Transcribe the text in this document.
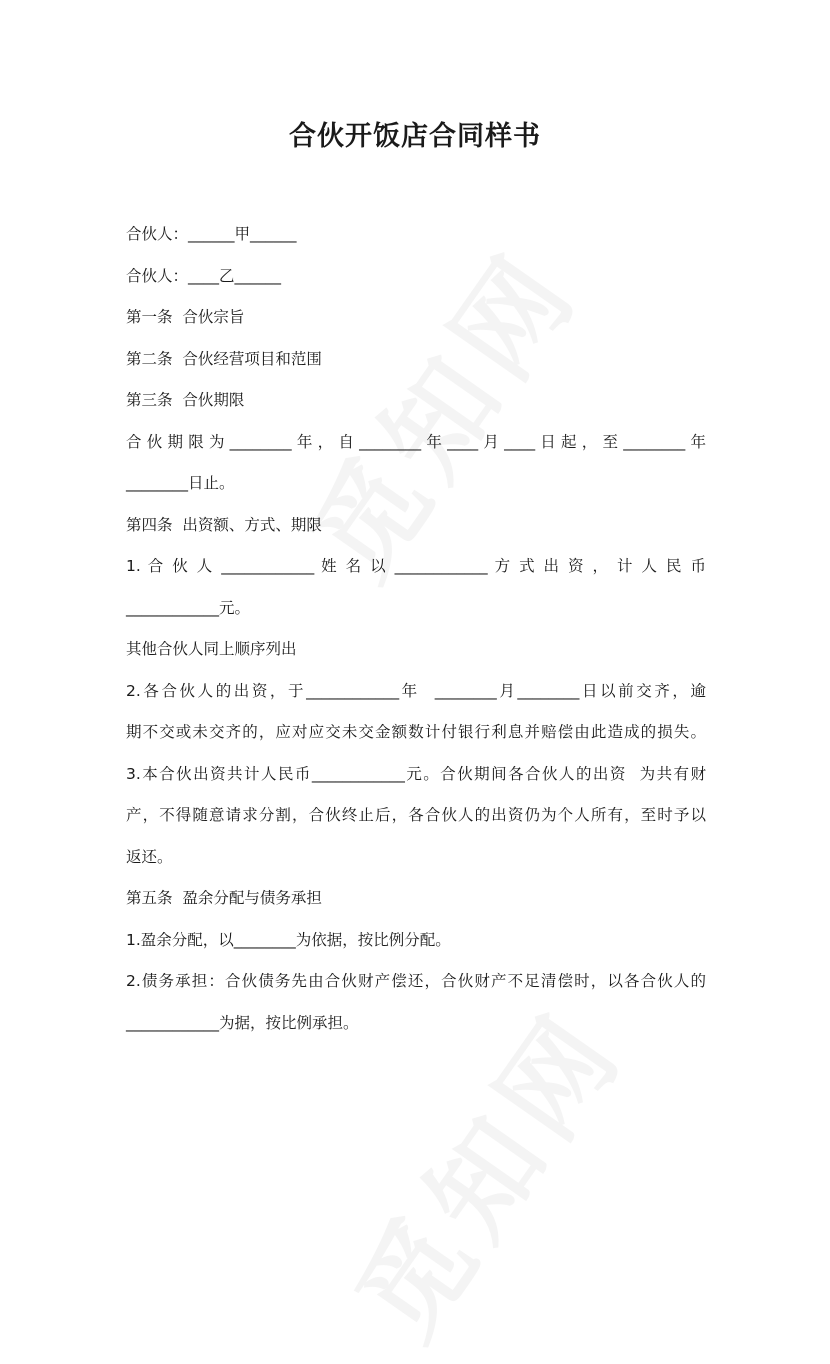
合伙开饭店合同样书

合伙人：______甲______

合伙人：____乙______

第一条  合伙宗旨

第二条  合伙经营项目和范围

第三条  合伙期限

合伙期限为________年，自________年____月____日起，至________年

________日止。

第四条  出资额、方式、期限

1. 合 伙 人 ____________ 姓 名 以 ____________ 方 式 出 资 ， 计 人 民 币

____________元。

其他合伙人同上顺序列出

2.各合伙人的出资，于____________年  ________月________日以前交齐，逾

期不交或未交齐的，应对应交未交金额数计付银行利息并赔偿由此造成的损失。

3.本合伙出资共计人民币____________元。合伙期间各合伙人的出资  为共有财

产，不得随意请求分割，合伙终止后，各合伙人的出资仍为个人所有，至时予以

返还。

第五条  盈余分配与债务承担

1.盈余分配，以________为依据，按比例分配。

2.债务承担：合伙债务先由合伙财产偿还，合伙财产不足清偿时，以各合伙人的

____________为据，按比例承担。
